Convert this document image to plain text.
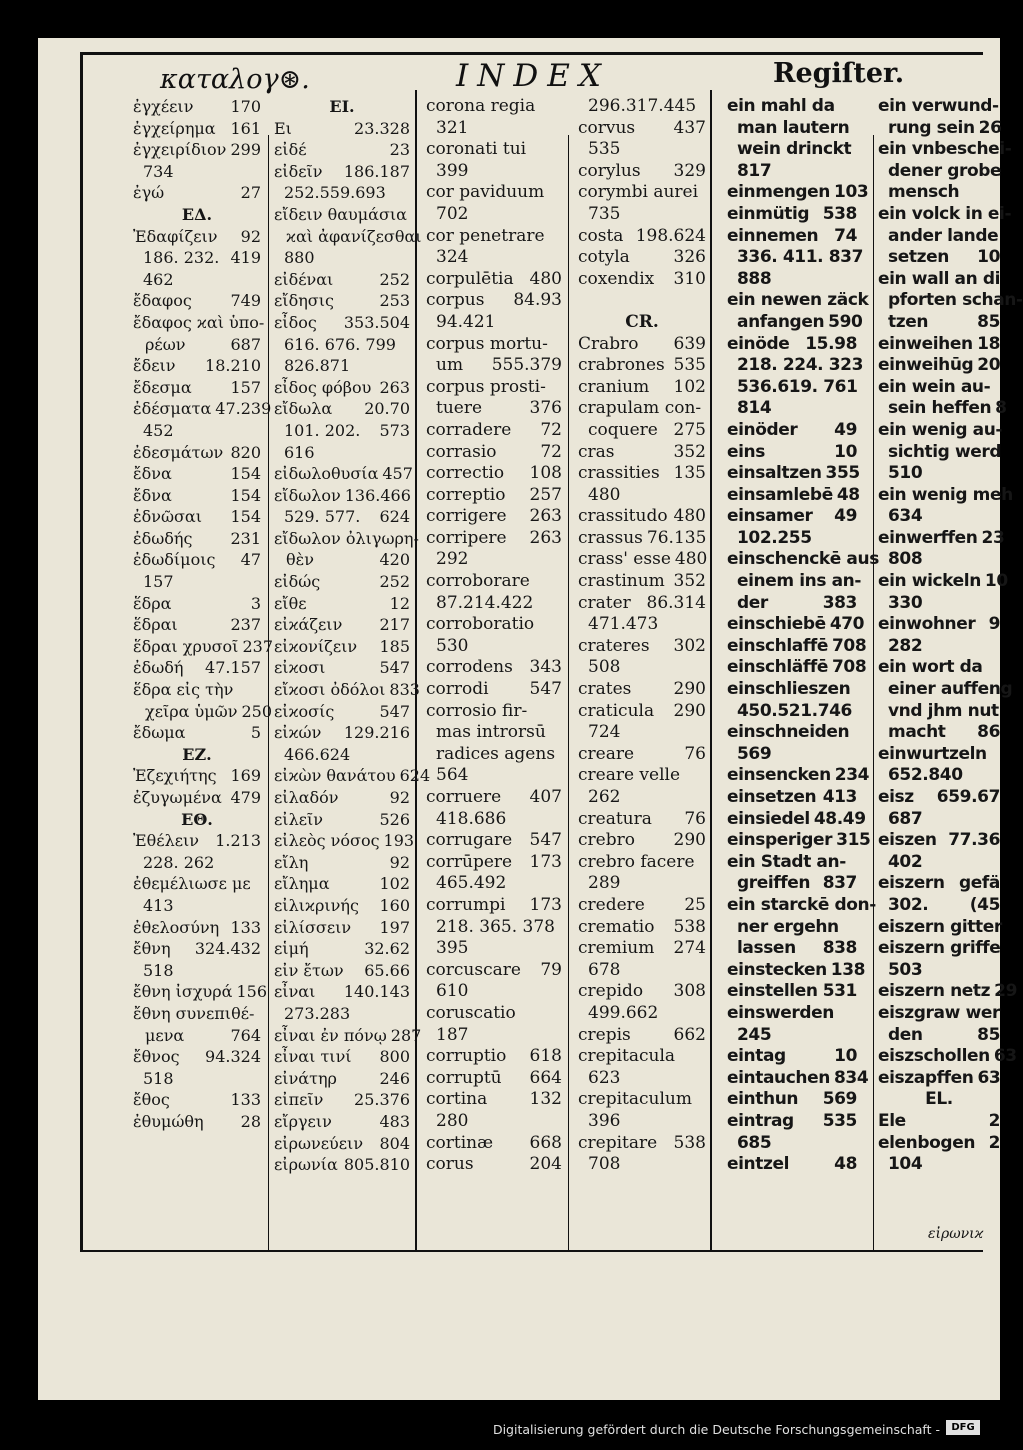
καταλογ⊛.	INDEX	Regiſter.
ἐγχέειν 170
ἐγχείρημα 161
ἐγχειρίδιον 299
734
ἐγώ	27
ΕΔ.
Ἐδαφίζειν 92
186. 232. 419
462
ἔδαφος 749
ἔδαφος ϰαὶ ὑπο-
ρέων	687
ἔδειν 18.210
ἔδεσμα 157
ἐδέσματα 47.239
452
ἐδεσμάτων 820
ἔδνα	154
ἔδνα	154
ἐδνῶσαι 154
ἐδωδής 231
ἐδωδίμοις 47
157
ἕδρα	3
ἕδραι	237
ἕδραι χρυσοῖ 237
ἐδωδή 47.157
ἕδρα εἰς τὴν
χεῖρα ὑμῶν 250
ἔδωμα	5
ΕΖ.
Ἐζεχιήτης 169
ἐζυγωμένα 479
ΕΘ.
Ἐθέλειν 1.213
228. 262
ἐθεμέλιωσε με
413
ἐθελοσύνη 133
ἔθνη 324.432
518
ἔθνη ἰσχυρά 156
ἔθνη συνεπιθέ-
μενα	764
ἔθνος 94.324
518
ἔθος	133
ἐθυμώθη 28
ΕΙ.
Ει	23.328
εἰδέ	23
εἰδεῖν 186.187
252.559.693
εἴδειν θαυμάσια
ϰαὶ ἀφανίζεσθαι
880
εἰδέναι	252
εἴδησις	253
εἶδος 353.504
616. 676. 799
826.871
εἶδος φόβου 263
εἴδωλα 20.70
101. 202. 573
616
εἰδωλοθυσία 457
εἴδωλον 136.466
529. 577. 624
εἴδωλον ὀλιγωρη-
θὲν	420
εἰδώς	252
εἴθε	12
εἰϰάζειν 217
εἰϰονίζειν 185
εἰϰοσι	547
εἴϰοσι ὀδόλοι 833
εἰϰοσίς	547
εἰϰών 129.216
466.624
εἰϰὼν θανάτου 624
εἰλαδόν	92
εἰλεῖν	526
εἰλεὸς νόσος 193
εἴλη	92
εἴλημα	102
εἰλιϰρινής 160
εἰλίσσειν 197
εἱμή	32.62
εἰν ἔτων 65.66
εἶναι 140.143
273.283
εἶναι ἐν πόνῳ 287
εἶναι τινί 800
εἰνάτηρ	246
εἰπεῖν 25.376
εἴργειν	483
εἰρωνεύειν 804
εἰρωνία 805.810
corona regia
321
coronati tui
399
cor paviduum
702
cor penetrare
324
corpulētia 480
corpus 84.93
94.421
corpus mortu-
um 555.379
corpus prosti-
tuere	376
corradere 72
corrasio	72
correctio 108
correptio 257
corrigere 263
corripere 263
292
corroborare
87.214.422
corroboratio
530
corrodens 343
corrodi 547
corrosio fir-
mas introrsū
radices agens
564
corruere 407
418.686
corrugare 547
corrūpere 173
465.492
corrumpi 173
218. 365. 378
395
corcuscare 79
610
coruscatio
187
corruptio 618
corruptū 664
cortina 132
280
cortinæ 668
corus	204
296.317.445
corvus 437
535
corylus 329
corymbi aurei
735
costa 198.624
cotyla	326
coxendix 310
CR.
Crabro 639
crabrones 535
cranium 102
crapulam con-
coquere 275
cras	352
crassities 135
480
crassitudo 480
crassus 76.135
crass' esse 480
crastinum 352
crater 86.314
471.473
crateres 302
508
crates 290
craticula 290
724
creare	76
creare velle
262
creatura 76
crebro 290
crebro facere
289
credere 25
crematio 538
cremium 274
678
crepido 308
499.662
crepis	662
crepitacula
623
crepitaculum
396
crepitare 538
708
ein mahl da
man lautern
wein drinckt
817
einmengen 103
einmütig 538
einnemen 74
336. 411. 837
888
ein newen zäck
anfangen 590
einöde 15.98
218. 224. 323
536.619. 761
814
einöder 49
eins	10
einsaltzen 355
einsamlebē 48
einsamer 49
102.255
einschenckē aus
einem ins an-
der	383
einschiebē 470
einschlaffē 708
einschläffē 708
einschlieszen
450.521.746
einschneiden
569
einsencken 234
einsetzen 413
einsiedel 48.49
einsperiger 315
ein Stadt an-
greiffen 837
ein starckē don-
ner ergehn
lassen 838
einstecken 138
einstellen 531
einswerden
245
eintag	10
eintauchen 834
einthun 569
eintrag 535
685
eintzel	48
ein verwund-
rung sein 26
ein vnbeschei-
dener grobe
mensch
ein volck in ei-
ander lande
setzen 10
ein wall an di
pforten schan-
tzen	85
einweihen 18
einweihūg 20
ein wein au-
sein heffen 8
ein wenig au-
sichtig werd
510
ein wenig meh
634
einwerffen 23
808
ein wickeln 10
330
einwohner 9
282
ein wort da
einer auffeng
vnd jhm nut
macht 86
einwurtzeln
652.840
eisz 659.67
687
eiszen 77.36
402
eiszern gefä
302. (45
eiszern gitter
eiszern griffe
503
eiszern netz 29
eiszgraw wer
den	85
eiszschollen 63
eiszapffen 63
EL.
Ele	2
elenbogen 2
104
εἰρωνιϰ
Digitalisierung gefördert durch die Deutsche Forschungsgemeinschaft -	DFG
